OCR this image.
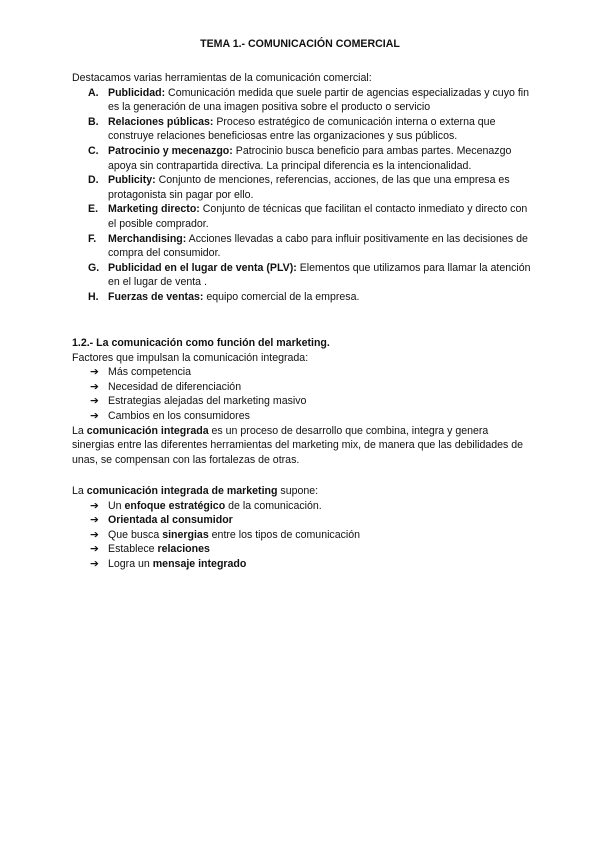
TEMA 1.- COMUNICACIÓN COMERCIAL
Destacamos varias herramientas de la comunicación comercial:
A. Publicidad: Comunicación medida que suele partir de agencias especializadas y cuyo fin es la generación de una imagen positiva sobre el producto o servicio
B. Relaciones públicas: Proceso estratégico de comunicación interna o externa que construye relaciones beneficiosas entre las organizaciones y sus públicos.
C. Patrocinio y mecenazgo: Patrocinio busca beneficio para ambas partes. Mecenazgo apoya sin contrapartida directiva. La principal diferencia es la intencionalidad.
D. Publicity: Conjunto de menciones, referencias, acciones, de las que una empresa es protagonista sin pagar por ello.
E. Marketing directo: Conjunto de técnicas que facilitan el contacto inmediato y directo con el posible comprador.
F. Merchandising: Acciones llevadas a cabo para influir positivamente en las decisiones de compra del consumidor.
G. Publicidad en el lugar de venta (PLV): Elementos que utilizamos para llamar la atención en el lugar de venta .
H. Fuerzas de ventas: equipo comercial de la empresa.
1.2.- La comunicación como función del marketing.
Factores que impulsan la comunicación integrada:
➔ Más competencia
➔ Necesidad de diferenciación
➔ Estrategias alejadas del marketing masivo
➔ Cambios en los consumidores
La comunicación integrada es un proceso de desarrollo que combina, integra y genera sinergias entre las diferentes herramientas del marketing mix, de manera que las debilidades de unas, se compensan con las fortalezas de otras.
La comunicación integrada de marketing supone:
➔ Un enfoque estratégico de la comunicación.
➔ Orientada al consumidor
➔ Que busca sinergias entre los tipos de comunicación
➔ Establece relaciones
➔ Logra un mensaje integrado
